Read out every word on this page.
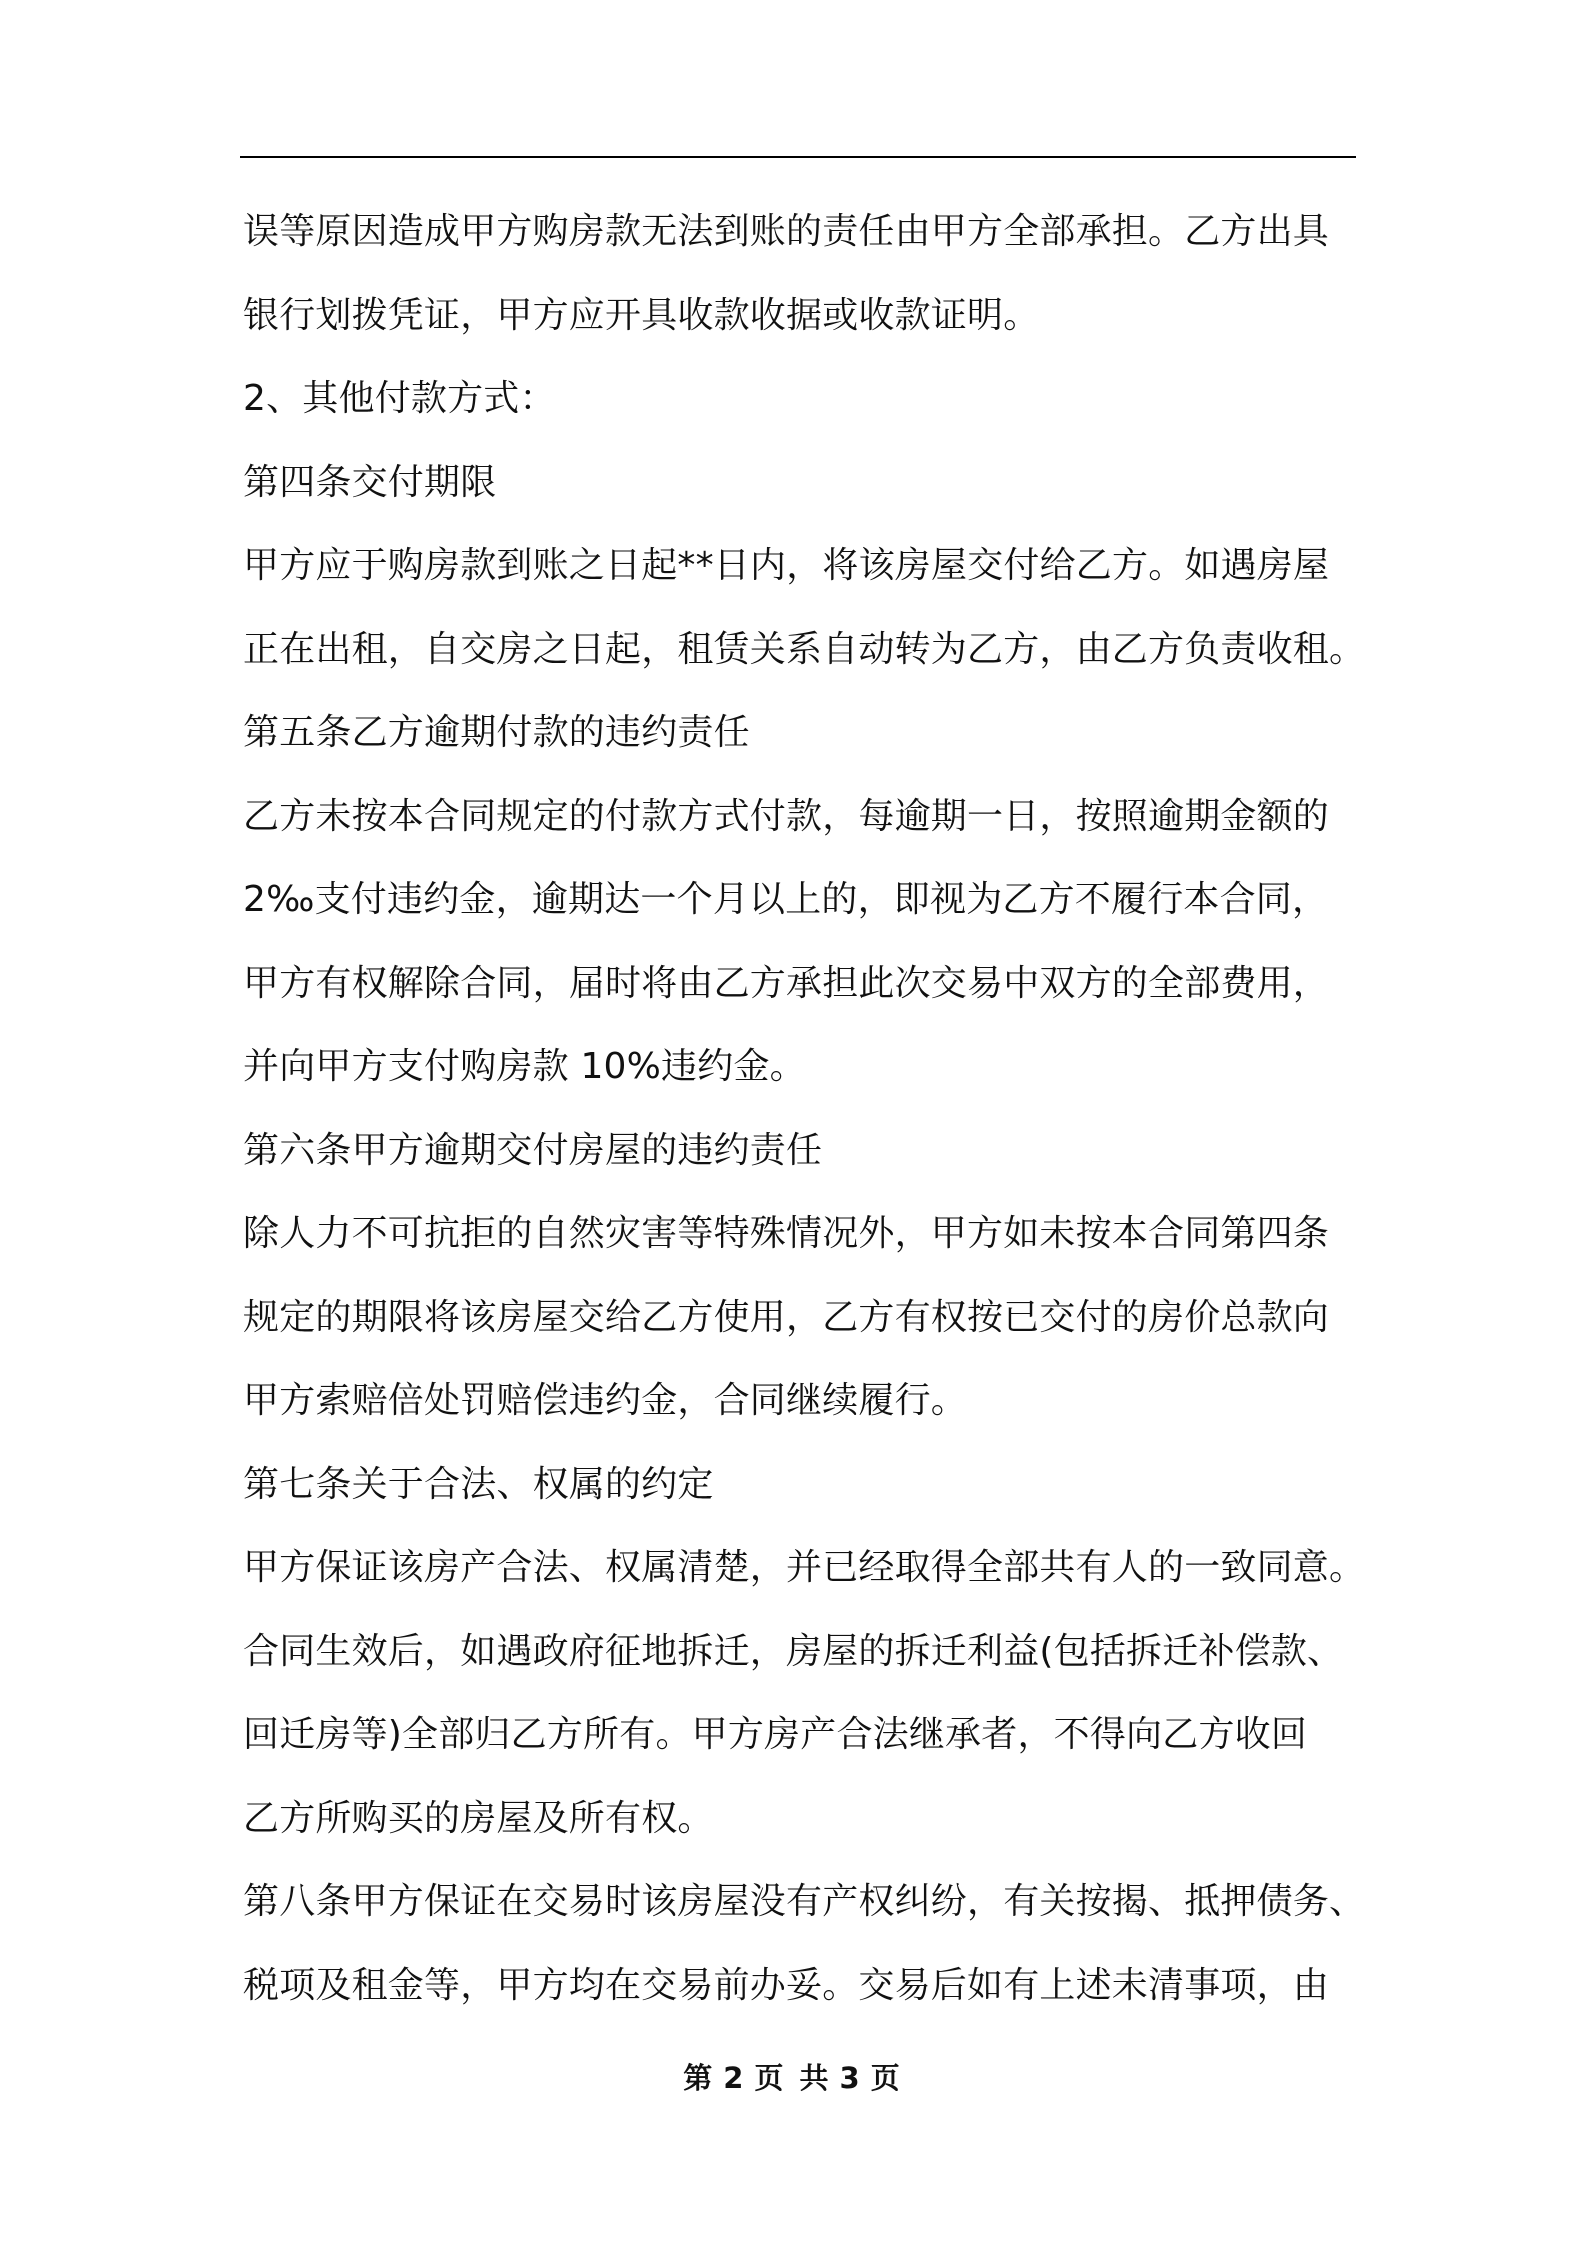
误等原因造成甲方购房款无法到账的责任由甲方全部承担。乙方出具
银行划拨凭证，甲方应开具收款收据或收款证明。
2、其他付款方式：
第四条交付期限
甲方应于购房款到账之日起**日内，将该房屋交付给乙方。如遇房屋
正在出租，自交房之日起，租赁关系自动转为乙方，由乙方负责收租。
第五条乙方逾期付款的违约责任
乙方未按本合同规定的付款方式付款，每逾期一日，按照逾期金额的
2‰支付违约金，逾期达一个月以上的，即视为乙方不履行本合同，
甲方有权解除合同，届时将由乙方承担此次交易中双方的全部费用，
并向甲方支付购房款 10%违约金。
第六条甲方逾期交付房屋的违约责任
除人力不可抗拒的自然灾害等特殊情况外，甲方如未按本合同第四条
规定的期限将该房屋交给乙方使用，乙方有权按已交付的房价总款向
甲方索赔倍处罚赔偿违约金，合同继续履行。
第七条关于合法、权属的约定
甲方保证该房产合法、权属清楚，并已经取得全部共有人的一致同意。
合同生效后，如遇政府征地拆迁，房屋的拆迁利益(包括拆迁补偿款、
回迁房等)全部归乙方所有。甲方房产合法继承者，不得向乙方收回
乙方所购买的房屋及所有权。
第八条甲方保证在交易时该房屋没有产权纠纷，有关按揭、抵押债务、
税项及租金等，甲方均在交易前办妥。交易后如有上述未清事项，由
第 2 页 共 3 页
